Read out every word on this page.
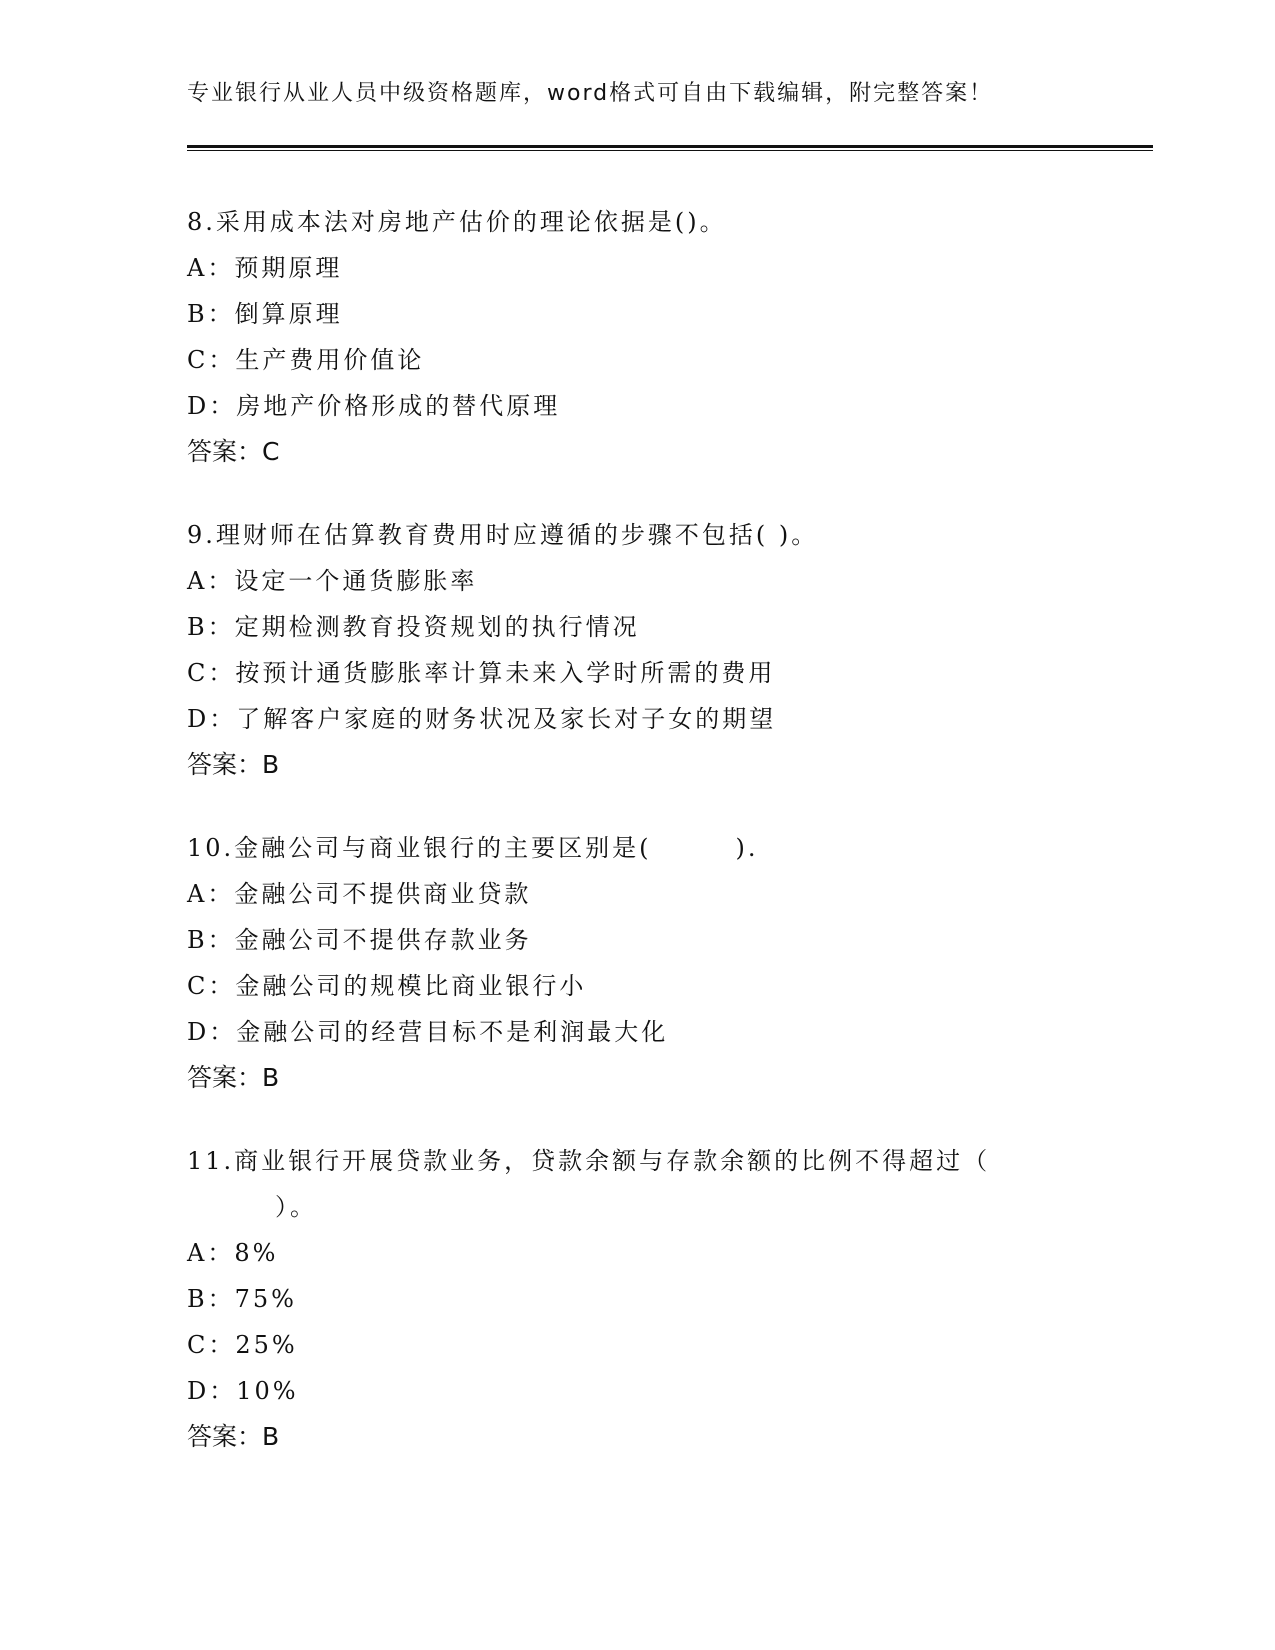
专业银行从业人员中级资格题库，word格式可自由下载编辑，附完整答案！
8.采用成本法对房地产估价的理论依据是()。
A：预期原理
B：倒算原理
C：生产费用价值论
D：房地产价格形成的替代原理
答案：C
9.理财师在估算教育费用时应遵循的步骤不包括( )。
A：设定一个通货膨胀率
B：定期检测教育投资规划的执行情况
C：按预计通货膨胀率计算未来入学时所需的费用
D：了解客户家庭的财务状况及家长对子女的期望
答案：B
10.金融公司与商业银行的主要区别是(	).
A：金融公司不提供商业贷款
B：金融公司不提供存款业务
C：金融公司的规模比商业银行小
D：金融公司的经营目标不是利润最大化
答案：B
11.商业银行开展贷款业务，贷款余额与存款余额的比例不得超过（
）。
A：8%
B：75%
C：25%
D：10%
答案：B
